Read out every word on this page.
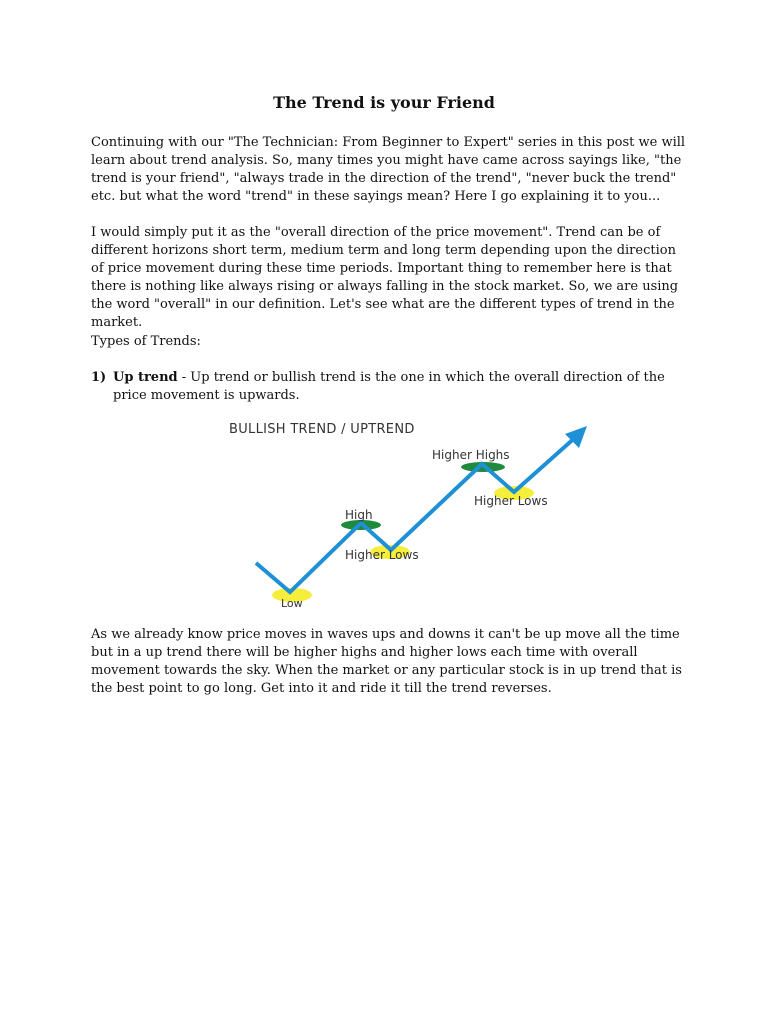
The Trend is your Friend

Continuing with our "The Technician: From Beginner to Expert" series in this post we will learn about trend analysis. So, many times you might have came across sayings like, "the trend is your friend", "always trade in the direction of the trend", "never buck the trend" etc. but what the word "trend" in these sayings mean? Here I go explaining it to you...

I would simply put it as the "overall direction of the price movement". Trend can be of different horizons short term, medium term and long term depending upon the direction of price movement during these time periods. Important thing to remember here is that there is nothing like always rising or always falling in the stock market. So, we are using the word "overall" in our definition. Let's see what are the different types of trend in the market.

Types of Trends:

1) Up trend - Up trend or bullish trend is the one in which the overall direction of the price movement is upwards.
BULLISH TREND / UPTREND
Low
High
Higher Lows
Higher Highs
Higher Lows

As we already know price moves in waves ups and downs it can't be up move all the time but in a up trend there will be higher highs and higher lows each time with overall movement towards the sky. When the market or any particular stock is in up trend that is the best point to go long. Get into it and ride it till the trend reverses.
